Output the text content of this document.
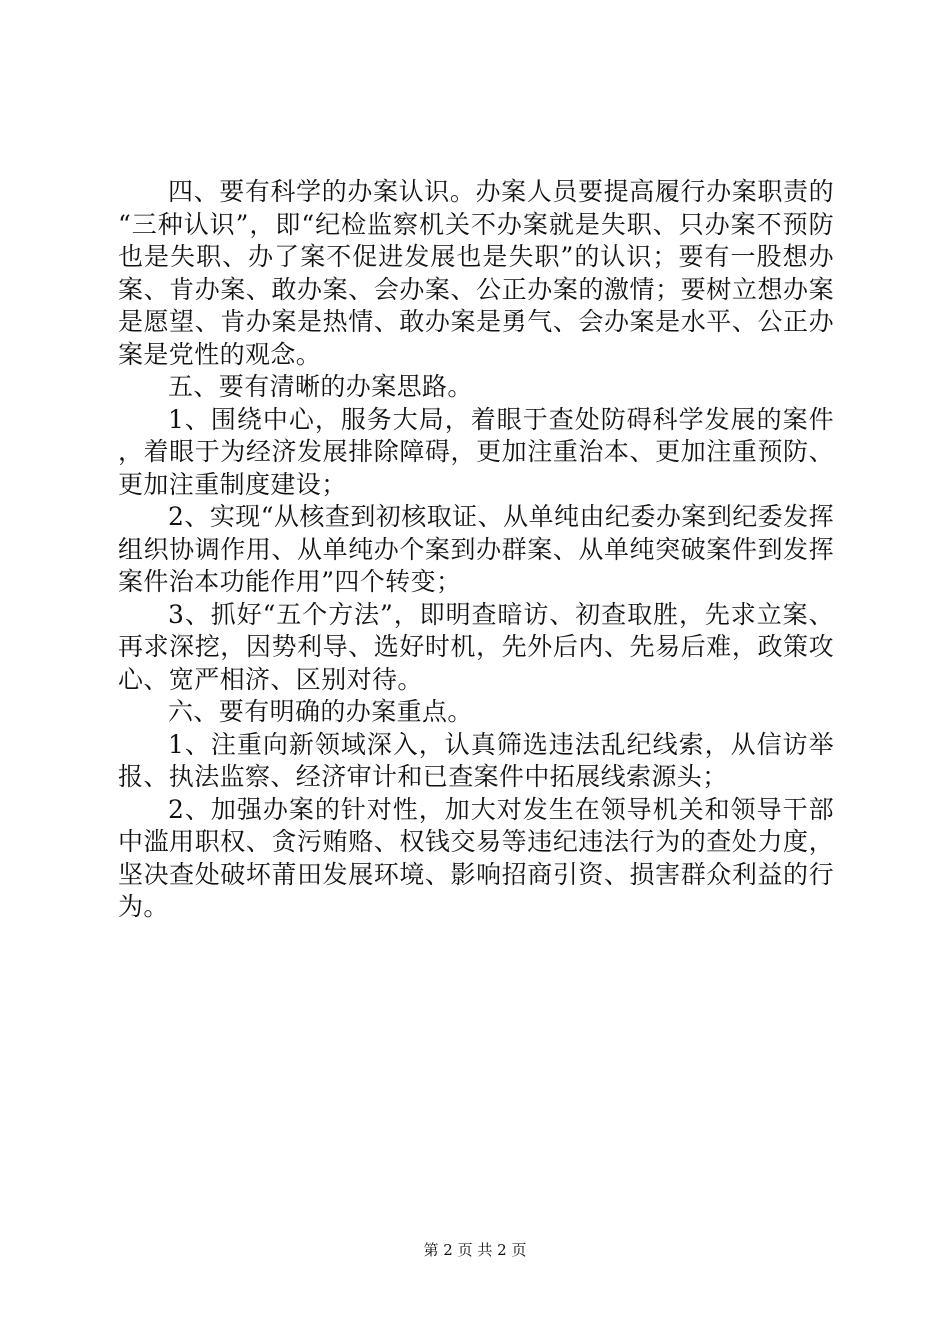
四、要有科学的办案认识。办案人员要提高履行办案职责的“三种认识”，即“纪检监察机关不办案就是失职、只办案不预防也是失职、办了案不促进发展也是失职”的认识；要有一股想办案、肯办案、敢办案、会办案、公正办案的激情；要树立想办案是愿望、肯办案是热情、敢办案是勇气、会办案是水平、公正办案是党性的观念。

五、要有清晰的办案思路。

1、围绕中心，服务大局，着眼于查处防碍科学发展的案件，着眼于为经济发展排除障碍，更加注重治本、更加注重预防、更加注重制度建设；

2、实现“从核查到初核取证、从单纯由纪委办案到纪委发挥组织协调作用、从单纯办个案到办群案、从单纯突破案件到发挥案件治本功能作用”四个转变；

3、抓好“五个方法”，即明查暗访、初查取胜，先求立案、再求深挖，因势利导、选好时机，先外后内、先易后难，政策攻心、宽严相济、区别对待。

六、要有明确的办案重点。

1、注重向新领域深入，认真筛选违法乱纪线索，从信访举报、执法监察、经济审计和已查案件中拓展线索源头；

2、加强办案的针对性，加大对发生在领导机关和领导干部中滥用职权、贪污贿赂、权钱交易等违纪违法行为的查处力度，坚决查处破坏莆田发展环境、影响招商引资、损害群众利益的行为。

第 2 页 共 2 页
